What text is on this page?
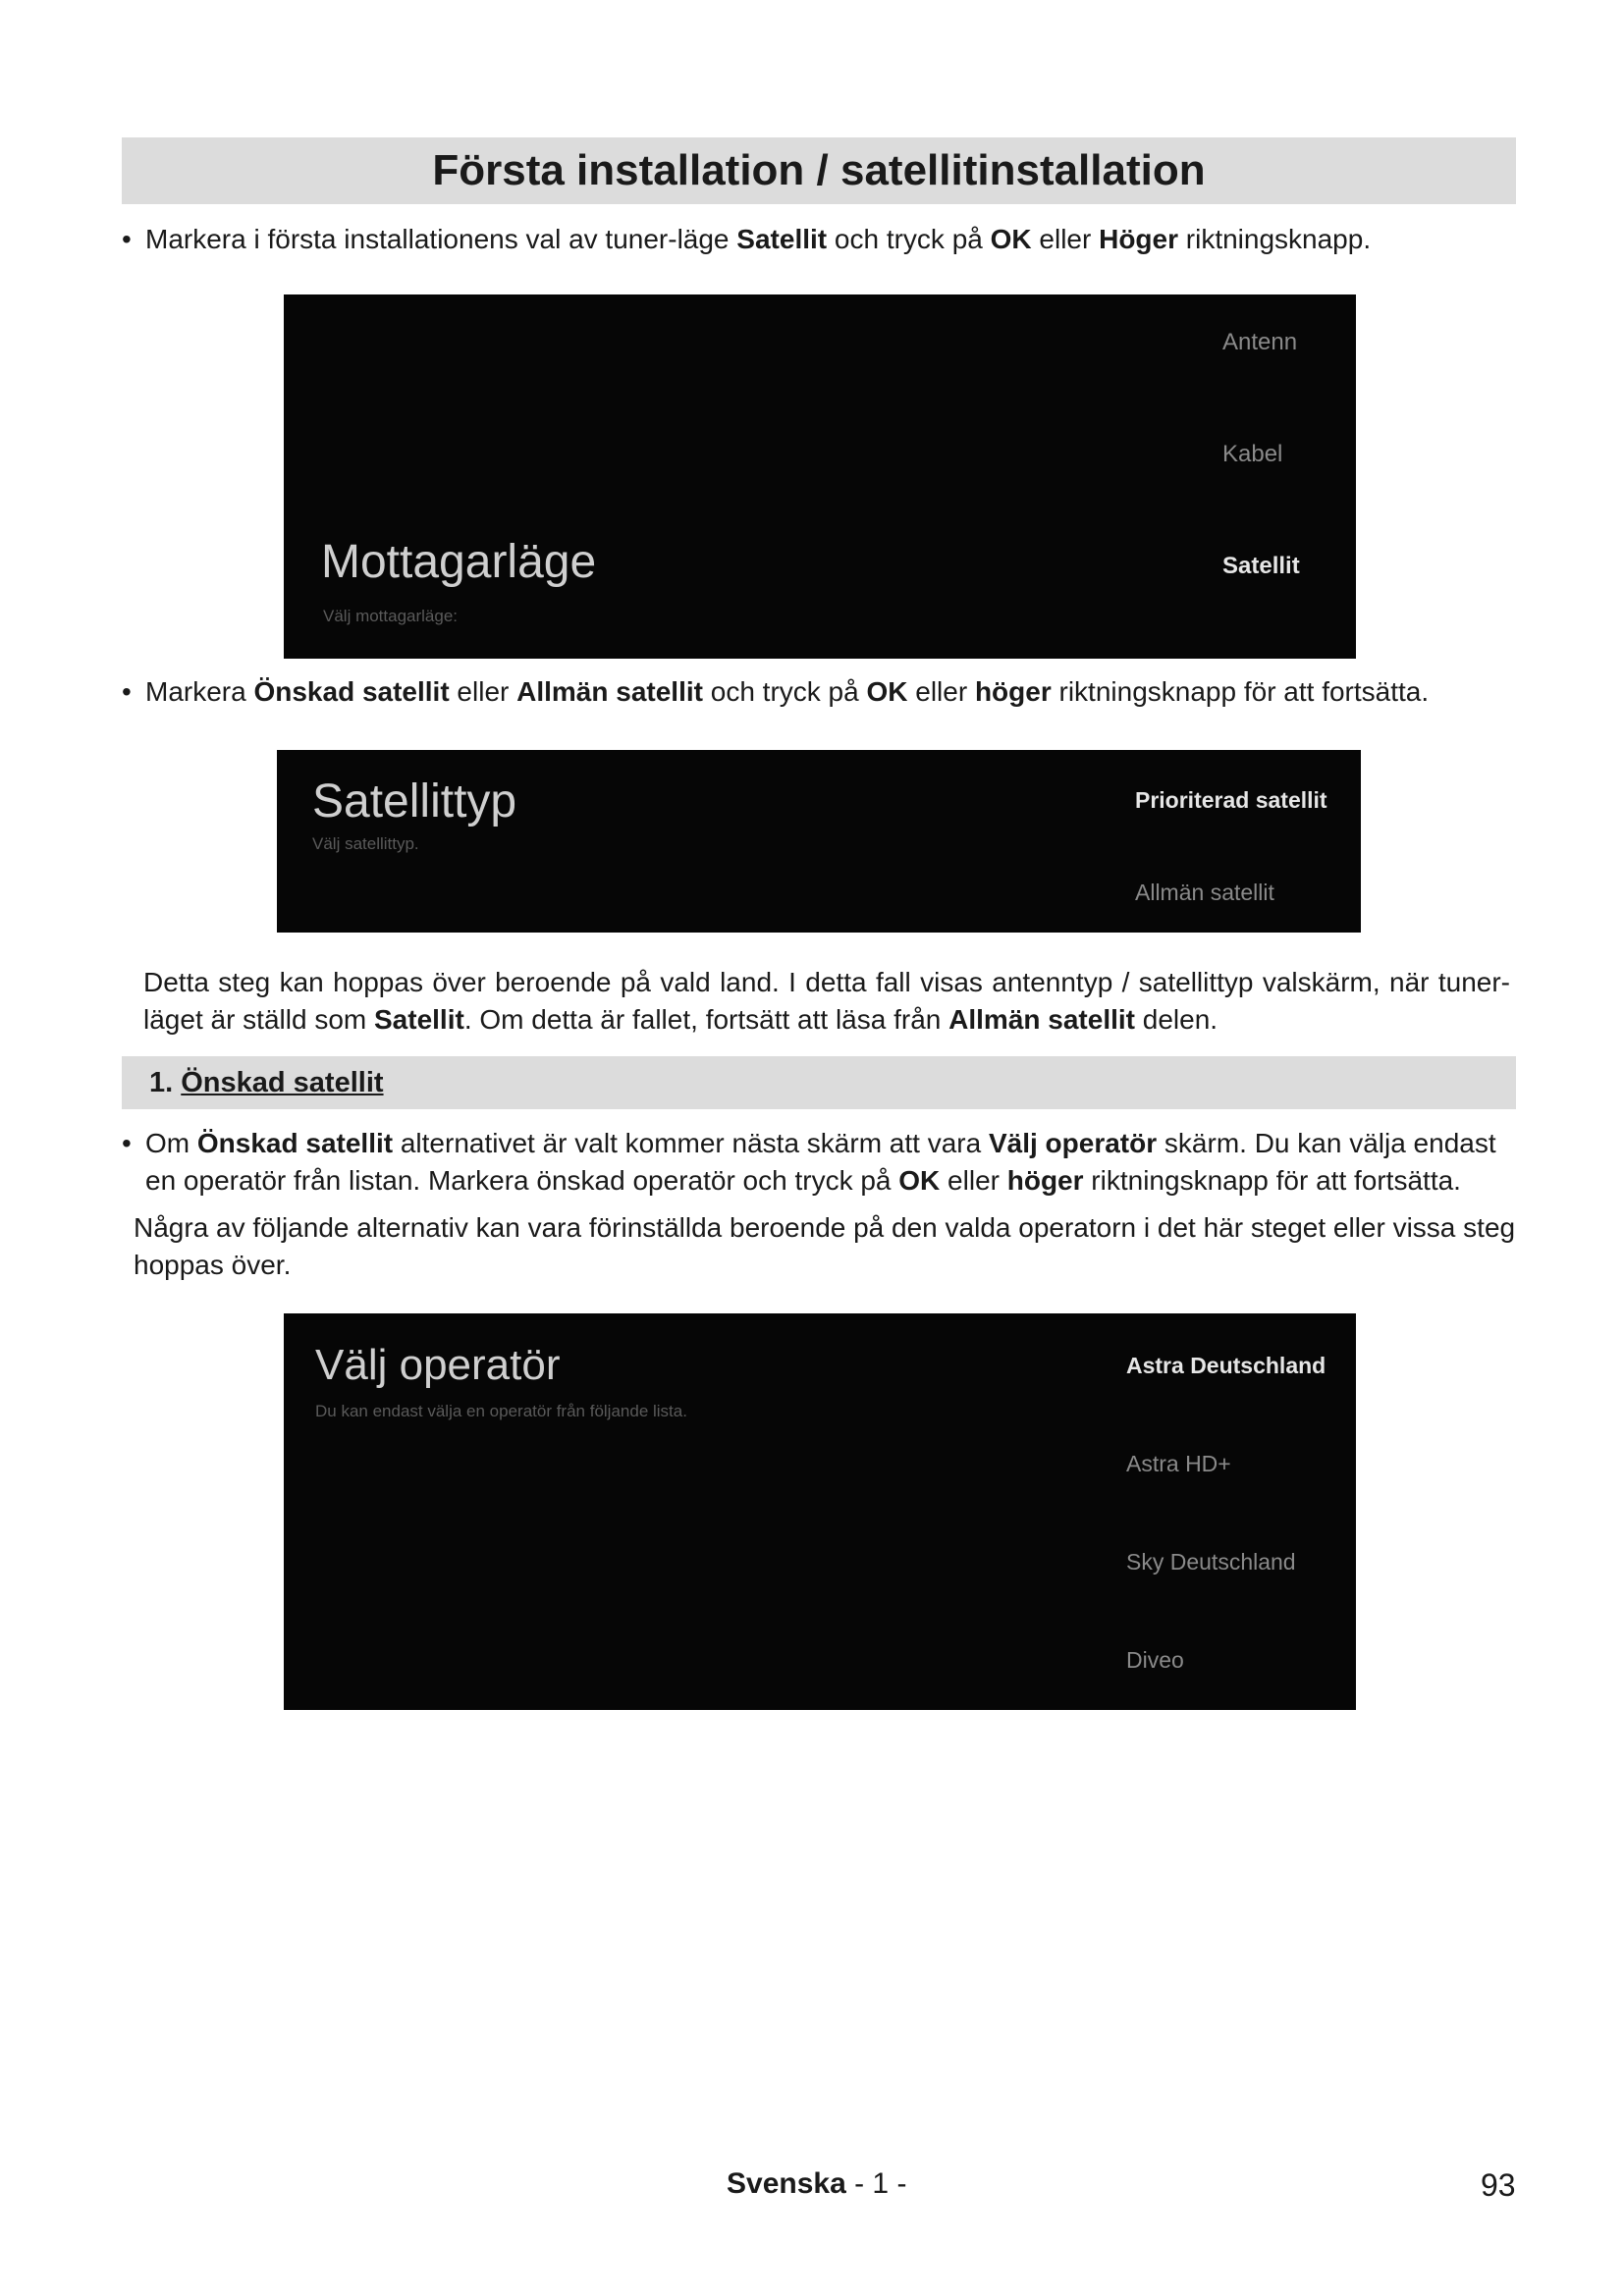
Första installation / satellitinstallation
• Markera i första installationens val av tuner-läge Satellit och tryck på OK eller Höger riktningsknapp.
Mottagarläge
Välj mottagarläge:
Antenn
Kabel
Satellit
• Markera Önskad satellit eller Allmän satellit och tryck på OK eller höger riktningsknapp för att fortsätta.
Satellittyp
Välj satellittyp.
Prioriterad satellit
Allmän satellit
Detta steg kan hoppas över beroende på vald land. I detta fall visas antenntyp / satellittyp valskärm, när tuner-läget är ställd som Satellit. Om detta är fallet, fortsätt att läsa från Allmän satellit delen.
1. Önskad satellit
• Om Önskad satellit alternativet är valt kommer nästa skärm att vara Välj operatör skärm. Du kan välja endast en operatör från listan. Markera önskad operatör och tryck på OK eller höger riktningsknapp för att fortsätta.
Några av följande alternativ kan vara förinställda beroende på den valda operatorn i det här steget eller vissa steg hoppas över.
Välj operatör
Du kan endast välja en operatör från följande lista.
Astra Deutschland
Astra HD+
Sky Deutschland
Diveo
Svenska - 1 -	93
